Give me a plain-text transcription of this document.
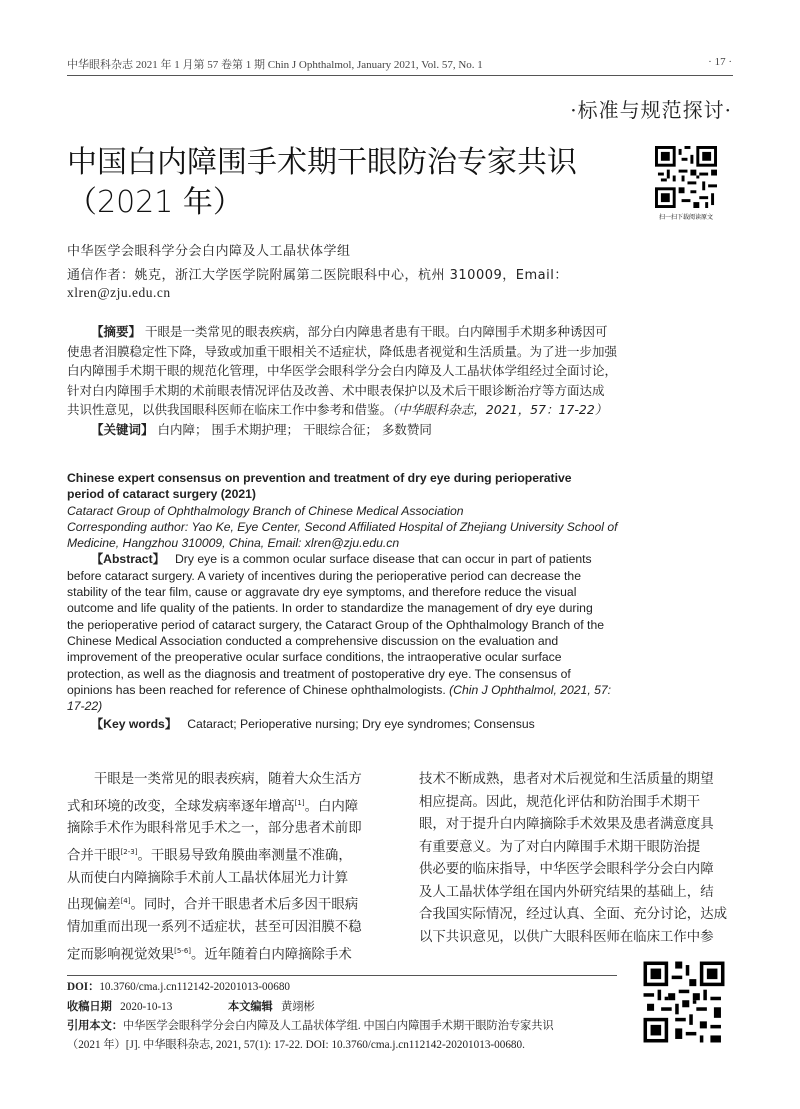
中华眼科杂志 2021 年 1 月第 57 卷第 1 期 Chin J Ophthalmol, January 2021, Vol. 57, No. 1	· 17 ·
·标准与规范探讨·
中国白内障围手术期干眼防治专家共识
（2021 年）	扫一扫下载阅读原文
中华医学会眼科学分会白内障及人工晶状体学组
通信作者：姚克，浙江大学医学院附属第二医院眼科中心，杭州 310009，Email：
xlren@zju.edu.cn
【摘要】 干眼是一类常见的眼表疾病，部分白内障患者患有干眼。白内障围手术期多种诱因可
使患者泪膜稳定性下降，导致或加重干眼相关不适症状，降低患者视觉和生活质量。为了进一步加强
白内障围手术期干眼的规范化管理，中华医学会眼科学分会白内障及人工晶状体学组经过全面讨论，
针对白内障围手术期的术前眼表情况评估及改善、术中眼表保护以及术后干眼诊断治疗等方面达成
共识性意见，以供我国眼科医师在临床工作中参考和借鉴。（中华眼科杂志，2021，57：17-22）
【关键词】 白内障； 围手术期护理； 干眼综合征； 多数赞同
Chinese expert consensus on prevention and treatment of dry eye during perioperative
period of cataract surgery (2021)
Cataract Group of Ophthalmology Branch of Chinese Medical Association
Corresponding author: Yao Ke, Eye Center, Second Affiliated Hospital of Zhejiang University School of
Medicine, Hangzhou 310009, China, Email: xlren@zju.edu.cn
【Abstract】 Dry eye is a common ocular surface disease that can occur in part of patients
before cataract surgery. A variety of incentives during the perioperative period can decrease the
stability of the tear film, cause or aggravate dry eye symptoms, and therefore reduce the visual
outcome and life quality of the patients. In order to standardize the management of dry eye during
the perioperative period of cataract surgery, the Cataract Group of the Ophthalmology Branch of the
Chinese Medical Association conducted a comprehensive discussion on the evaluation and
improvement of the preoperative ocular surface conditions, the intraoperative ocular surface
protection, as well as the diagnosis and treatment of postoperative dry eye. The consensus of
opinions has been reached for reference of Chinese ophthalmologists. (Chin J Ophthalmol, 2021, 57:
17-22)
【Key words】 Cataract; Perioperative nursing; Dry eye syndromes; Consensus
干眼是一类常见的眼表疾病，随着大众生活方
式和环境的改变，全球发病率逐年增高[1]。白内障
摘除手术作为眼科常见手术之一，部分患者术前即
合并干眼[2-3]。干眼易导致角膜曲率测量不准确，
从而使白内障摘除手术前人工晶状体屈光力计算
出现偏差[4]。同时，合并干眼患者术后多因干眼病
情加重而出现一系列不适症状，甚至可因泪膜不稳
定而影响视觉效果[5-6]。近年随着白内障摘除手术
技术不断成熟，患者对术后视觉和生活质量的期望
相应提高。因此，规范化评估和防治围手术期干
眼，对于提升白内障摘除手术效果及患者满意度具
有重要意义。为了对白内障围手术期干眼防治提
供必要的临床指导，中华医学会眼科学分会白内障
及人工晶状体学组在国内外研究结果的基础上，结
合我国实际情况，经过认真、全面、充分讨论，达成
以下共识意见，以供广大眼科医师在临床工作中参
DOI：10.3760/cma.j.cn112142-20201013-00680
收稿日期 2020-10-13	本文编辑 黄翊彬
引用本文：中华医学会眼科学分会白内障及人工晶状体学组. 中国白内障围手术期干眼防治专家共识
（2021 年）[J]. 中华眼科杂志, 2021, 57(1): 17-22. DOI: 10.3760/cma.j.cn112142-20201013-00680.
